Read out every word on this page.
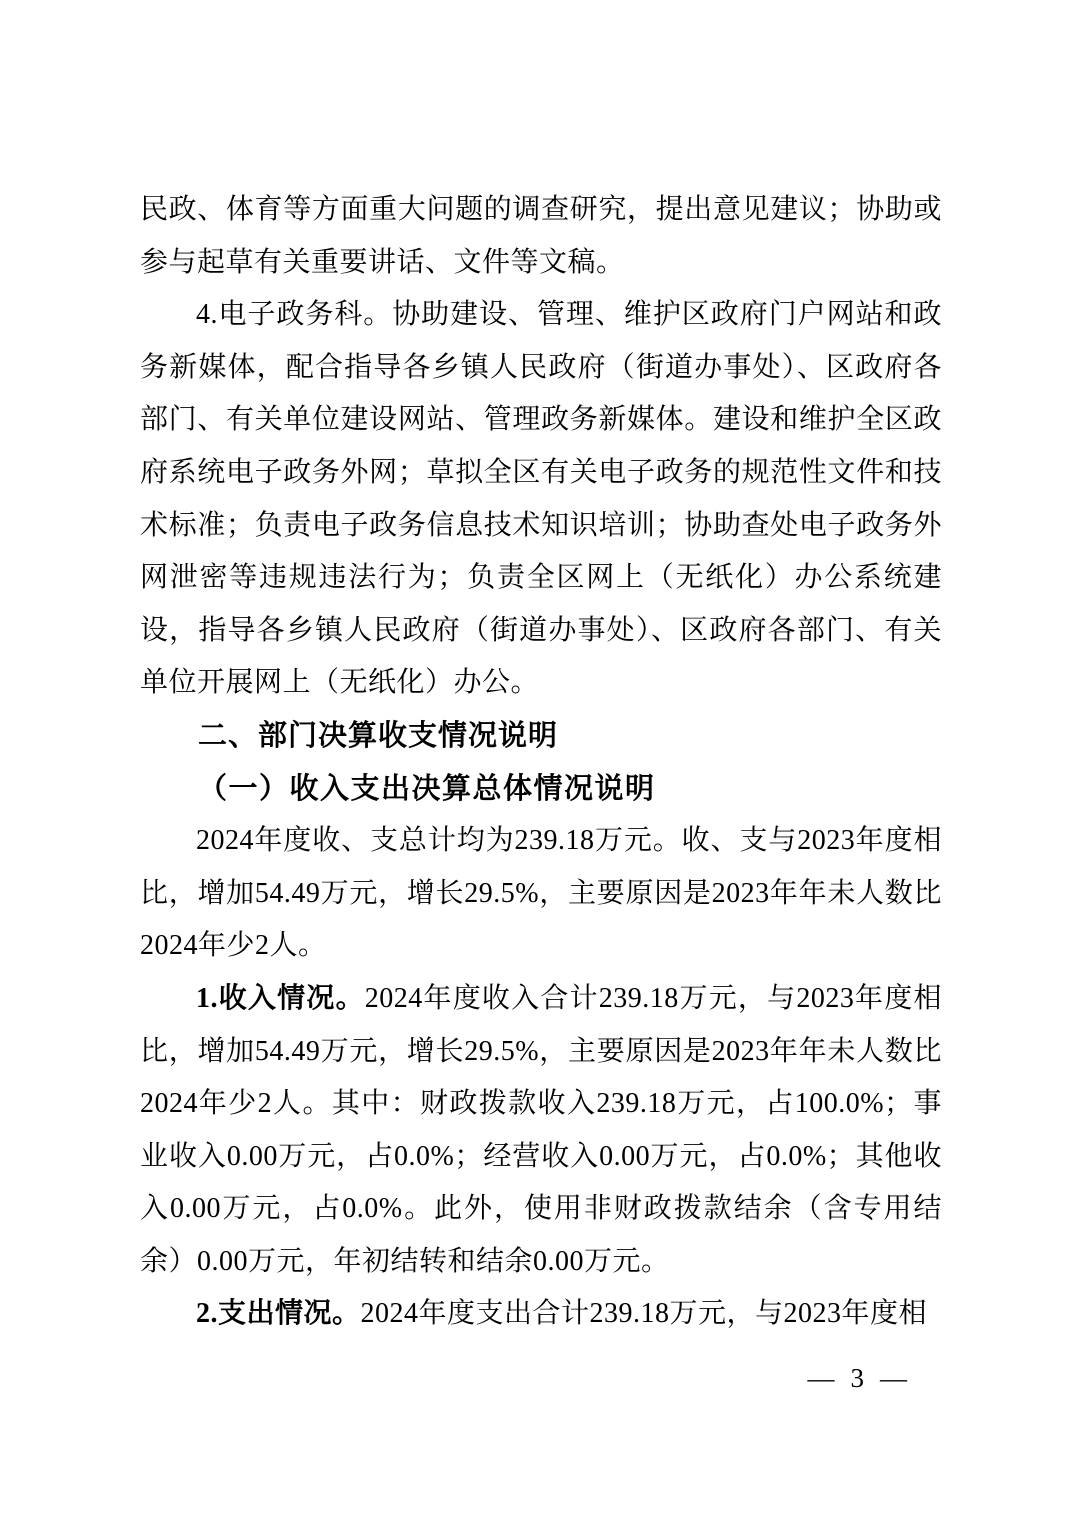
民政、体育等方面重大问题的调查研究，提出意见建议；协助或参与起草有关重要讲话、文件等文稿。

4.电子政务科。协助建设、管理、维护区政府门户网站和政务新媒体，配合指导各乡镇人民政府（街道办事处）、区政府各部门、有关单位建设网站、管理政务新媒体。建设和维护全区政府系统电子政务外网；草拟全区有关电子政务的规范性文件和技术标准；负责电子政务信息技术知识培训；协助查处电子政务外网泄密等违规违法行为；负责全区网上（无纸化）办公系统建设，指导各乡镇人民政府（街道办事处）、区政府各部门、有关单位开展网上（无纸化）办公。

二、部门决算收支情况说明
（一）收入支出决算总体情况说明

2024年度收、支总计均为239.18万元。收、支与2023年度相比，增加54.49万元，增长29.5%，主要原因是2023年年未人数比2024年少2人。

1.收入情况。2024年度收入合计239.18万元，与2023年度相比，增加54.49万元，增长29.5%，主要原因是2023年年未人数比2024年少2人。其中：财政拨款收入239.18万元，占100.0%；事业收入0.00万元，占0.0%；经营收入0.00万元，占0.0%；其他收入0.00万元，占0.0%。此外，使用非财政拨款结余（含专用结余）0.00万元，年初结转和结余0.00万元。

2.支出情况。2024年度支出合计239.18万元，与2023年度相

— 3 —
